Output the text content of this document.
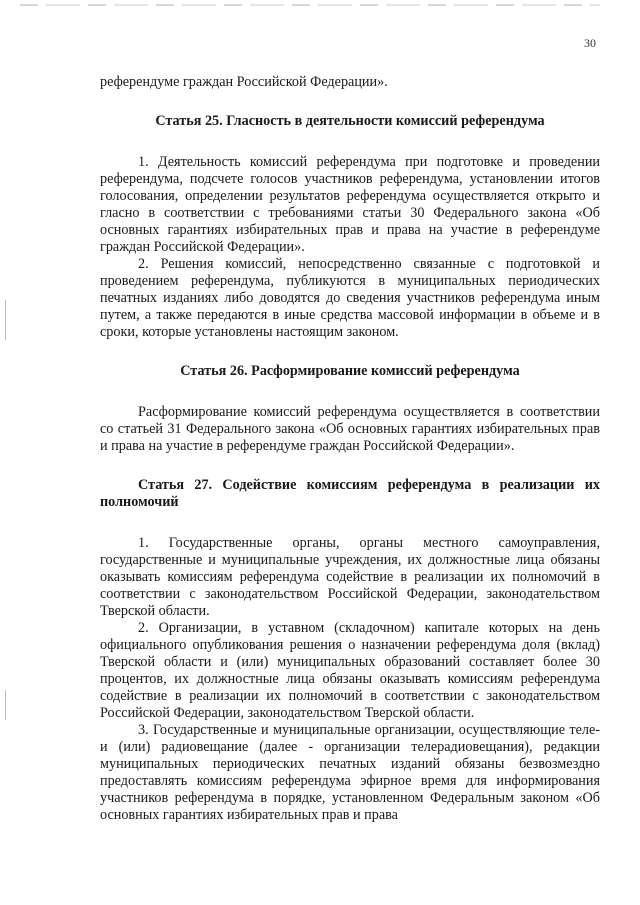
30

референдуме граждан Российской Федерации».

Статья 25. Гласность в деятельности комиссий референдума

1. Деятельность комиссий референдума при подготовке и проведении референдума, подсчете голосов участников референдума, установлении итогов голосования, определении результатов референдума осуществляется открыто и гласно в соответствии с требованиями статьи 30 Федерального закона «Об основных гарантиях избирательных прав и права на участие в референдуме граждан Российской Федерации».

2. Решения комиссий, непосредственно связанные с подготовкой и проведением референдума, публикуются в муниципальных периодических печатных изданиях либо доводятся до сведения участников референдума иным путем, а также передаются в иные средства массовой информации в объеме и в сроки, которые установлены настоящим законом.

Статья 26. Расформирование комиссий референдума

Расформирование комиссий референдума осуществляется в соответствии со статьей 31 Федерального закона «Об основных гарантиях избирательных прав и права на участие в референдуме граждан Российской Федерации».

Статья 27. Содействие комиссиям референдума в реализации их полномочий

1. Государственные органы, органы местного самоуправления, государственные и муниципальные учреждения, их должностные лица обязаны оказывать комиссиям референдума содействие в реализации их полномочий в соответствии с законодательством Российской Федерации, законодательством Тверской области.

2. Организации, в уставном (складочном) капитале которых на день официального опубликования решения о назначении референдума доля (вклад) Тверской области и (или) муниципальных образований составляет более 30 процентов, их должностные лица обязаны оказывать комиссиям референдума содействие в реализации их полномочий в соответствии с законодательством Российской Федерации, законодательством Тверской области.

3. Государственные и муниципальные организации, осуществляющие теле- и (или) радиовещание (далее - организации телерадиовещания), редакции муниципальных периодических печатных изданий обязаны безвозмездно предоставлять комиссиям референдума эфирное время для информирования участников референдума в порядке, установленном Федеральным законом «Об основных гарантиях избирательных прав и права
